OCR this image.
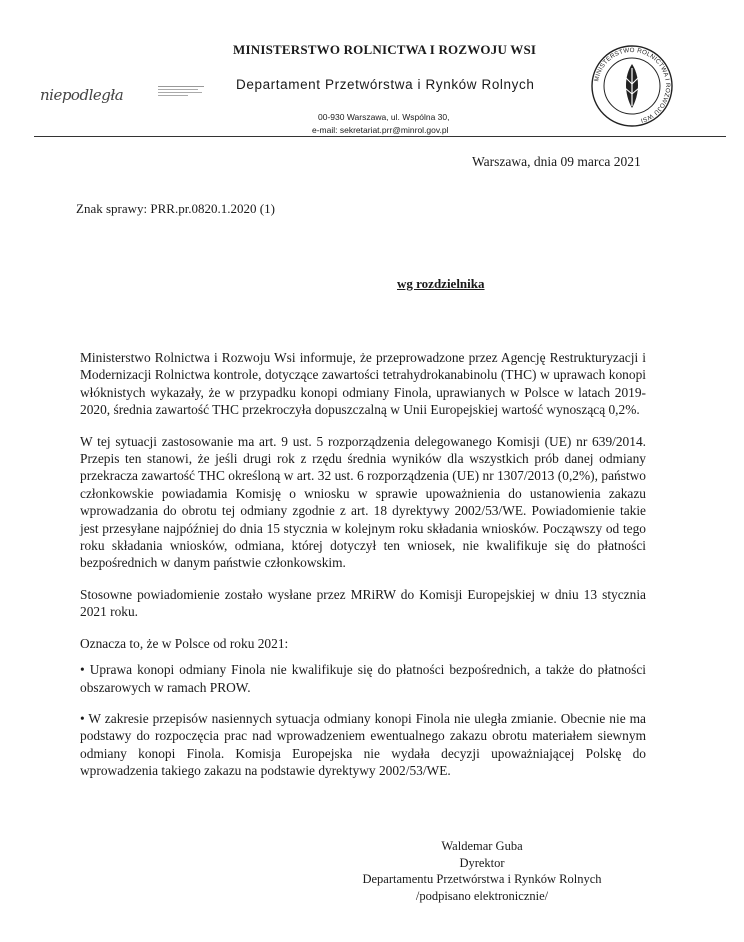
niepodległa
MINISTERSTWO ROLNICTWA I ROZWOJU WSI
Departament Przetwórstwa i Rynków Rolnych
00-930 Warszawa, ul. Wspólna 30,
e-mail: sekretariat.prr@minrol.gov.pl
MINISTERSTWO ROLNICTWA I ROZWOJU WSI
Warszawa, dnia 09 marca 2021
Znak sprawy: PRR.pr.0820.1.2020 (1)
wg rozdzielnika

Ministerstwo Rolnictwa i Rozwoju Wsi informuje, że przeprowadzone przez Agencję Restrukturyzacji i Modernizacji Rolnictwa kontrole, dotyczące zawartości tetrahydrokanabinolu (THC) w uprawach konopi włóknistych wykazały, że w przypadku konopi odmiany Finola, uprawianych w Polsce w latach 2019-2020, średnia zawartość THC przekroczyła dopuszczalną w Unii Europejskiej wartość wynoszącą 0,2%.

W tej sytuacji zastosowanie ma art. 9 ust. 5 rozporządzenia delegowanego Komisji (UE) nr 639/2014. Przepis ten stanowi, że jeśli drugi rok z rzędu średnia wyników dla wszystkich prób danej odmiany przekracza zawartość THC określoną w art. 32 ust. 6 rozporządzenia (UE) nr 1307/2013 (0,2%), państwo członkowskie powiadamia Komisję o wniosku w sprawie upoważnienia do ustanowienia zakazu wprowadzania do obrotu tej odmiany zgodnie z art. 18 dyrektywy 2002/53/WE. Powiadomienie takie jest przesyłane najpóźniej do dnia 15 stycznia w kolejnym roku składania wniosków. Począwszy od tego roku składania wniosków, odmiana, której dotyczył ten wniosek, nie kwalifikuje się do płatności bezpośrednich w danym państwie członkowskim.

Stosowne powiadomienie zostało wysłane przez MRiRW do Komisji Europejskiej w dniu 13 stycznia 2021 roku.

Oznacza to, że w Polsce od roku 2021:

• Uprawa konopi odmiany Finola nie kwalifikuje się do płatności bezpośrednich, a także do płatności obszarowych w ramach PROW.

• W zakresie przepisów nasiennych sytuacja odmiany konopi Finola nie uległa zmianie. Obecnie nie ma podstawy do rozpoczęcia prac nad wprowadzeniem ewentualnego zakazu obrotu materiałem siewnym odmiany konopi Finola. Komisja Europejska nie wydała decyzji upoważniającej Polskę do wprowadzenia takiego zakazu na podstawie dyrektywy 2002/53/WE.

Waldemar Guba
Dyrektor
Departamentu Przetwórstwa i Rynków Rolnych
/podpisano elektronicznie/
